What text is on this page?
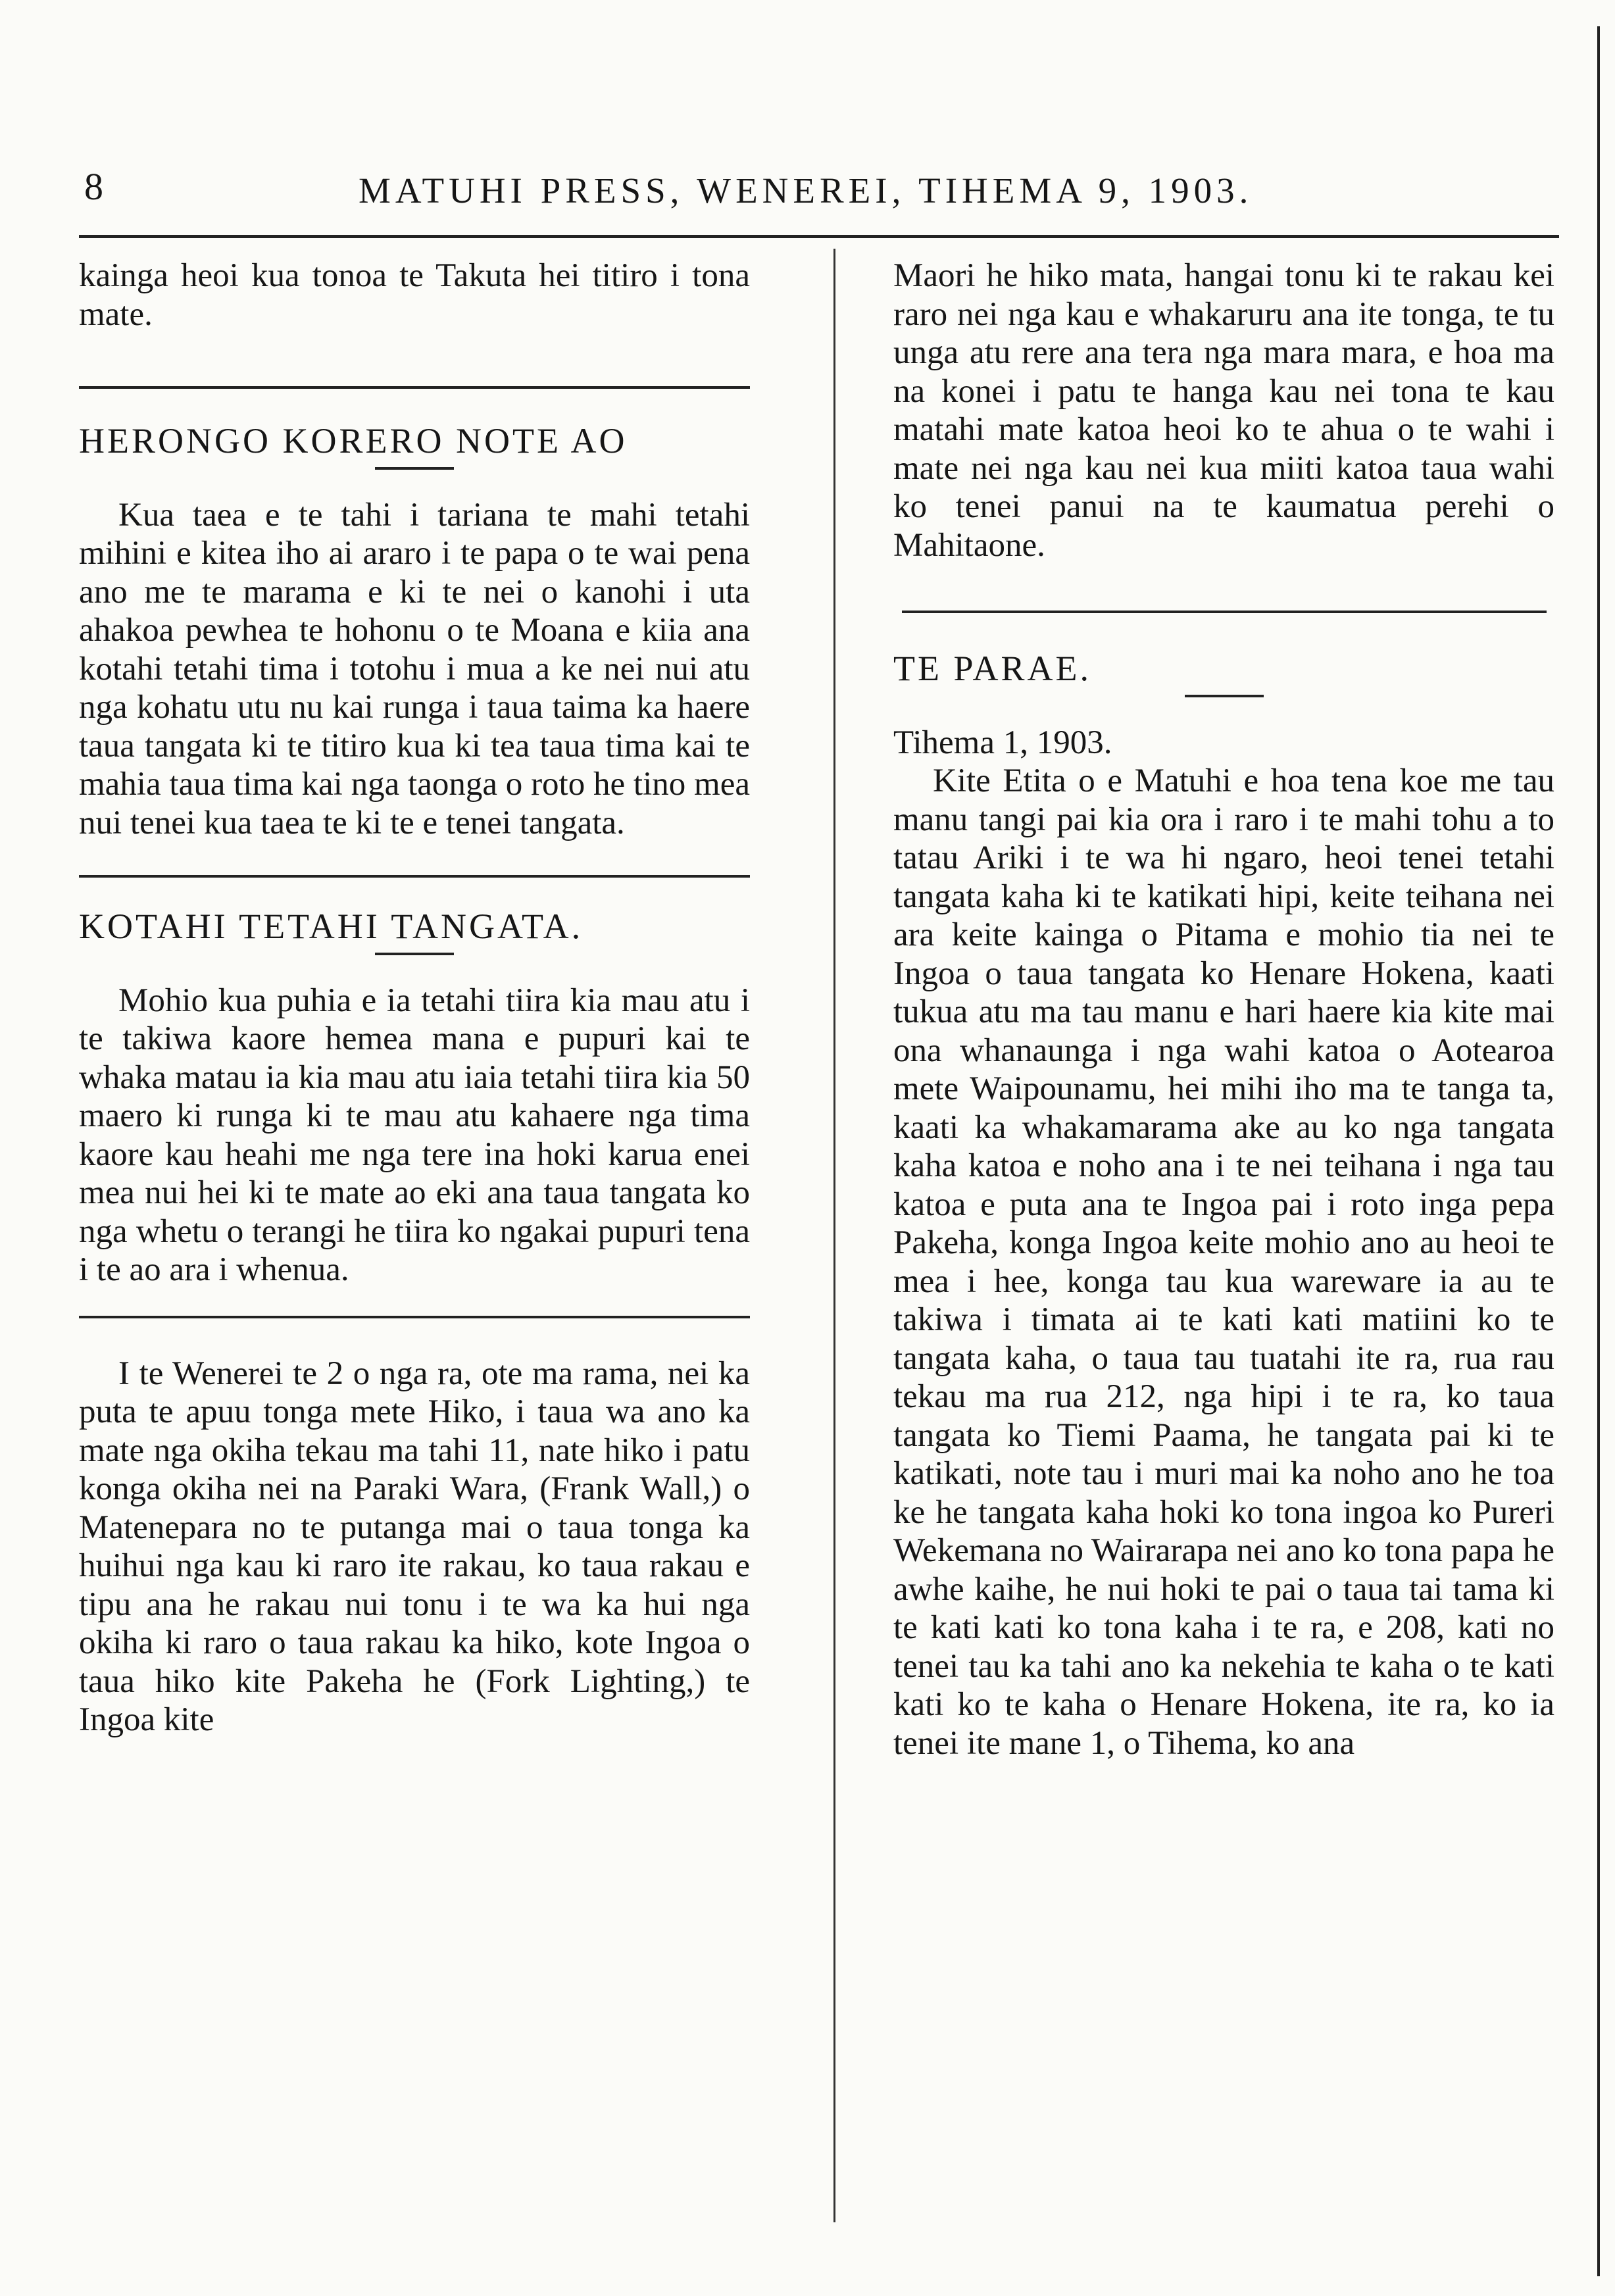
8	MATUHI PRESS, WENEREI, TIHEMA 9, 1903.

kainga heoi kua tonoa te Takuta hei titiro i tona mate.

HERONGO KORERO NOTE AO

Kua taea e te tahi i tariana te mahi tetahi mihini e kitea iho ai araro i te papa o te wai pena ano me te marama e ki te nei o kanohi i uta ahakoa pewhea te hohonu o te Moana e kiia ana kotahi tetahi tima i totohu i mua a ke nei nui atu nga kohatu utu nu kai runga i taua taima ka haere taua tangata ki te titiro kua ki tea taua tima kai te mahia taua tima kai nga taonga o roto he tino mea nui tenei kua taea te ki te e tenei tangata.

KOTAHI TETAHI TANGATA.

Mohio kua puhia e ia tetahi tiira kia mau atu i te takiwa kaore hemea mana e pupuri kai te whaka matau ia kia mau atu iaia tetahi tiira kia 50 maero ki runga ki te mau atu kahaere nga tima kaore kau heahi me nga tere ina hoki karua enei mea nui hei ki te mate ao eki ana taua tangata ko nga whetu o terangi he tiira ko ngakai pupuri tena i te ao ara i whenua.

I te Wenerei te 2 o nga ra, ote ma rama, nei ka puta te apuu tonga mete Hiko, i taua wa ano ka mate nga okiha tekau ma tahi 11, nate hiko i patu konga okiha nei na Paraki Wara, (Frank Wall,) o Matenepara no te putanga mai o taua tonga ka huihui nga kau ki raro ite rakau, ko taua rakau e tipu ana he rakau nui tonu i te wa ka hui nga okiha ki raro o taua rakau ka hiko, kote Ingoa o taua hiko kite Pakeha he (Fork Lighting,) te Ingoa kite

Maori he hiko mata, hangai tonu ki te rakau kei raro nei nga kau e whakaruru ana ite tonga, te tu unga atu rere ana tera nga mara mara, e hoa ma na konei i patu te hanga kau nei tona te kau matahi mate katoa heoi ko te ahua o te wahi i mate nei nga kau nei kua miiti katoa taua wahi ko tenei panui na te kaumatua perehi o Mahitaone.

TE PARAE.

Tihema 1, 1903.

Kite Etita o e Matuhi e hoa tena koe me tau manu tangi pai kia ora i raro i te mahi tohu a to tatau Ariki i te wa hi ngaro, heoi tenei tetahi tangata kaha ki te katikati hipi, keite teihana nei ara keite kainga o Pitama e mohio tia nei te Ingoa o taua tangata ko Henare Hokena, kaati tukua atu ma tau manu e hari haere kia kite mai ona whanaunga i nga wahi katoa o Aotearoa mete Waipounamu, hei mihi iho ma te tanga ta, kaati ka whakamarama ake au ko nga tangata kaha katoa e noho ana i te nei teihana i nga tau katoa e puta ana te Ingoa pai i roto inga pepa Pakeha, konga Ingoa keite mohio ano au heoi te mea i hee, konga tau kua wareware ia au te takiwa i timata ai te kati kati matiini ko te tangata kaha, o taua tau tuatahi ite ra, rua rau tekau ma rua 212, nga hipi i te ra, ko taua tangata ko Tiemi Paama, he tangata pai ki te katikati, note tau i muri mai ka noho ano he toa ke he tangata kaha hoki ko tona ingoa ko Pureri Wekemana no Wairarapa nei ano ko tona papa he awhe kaihe, he nui hoki te pai o taua tai tama ki te kati kati ko tona kaha i te ra, e 208, kati no tenei tau ka tahi ano ka nekehia te kaha o te kati kati ko te kaha o Henare Hokena, ite ra, ko ia tenei ite mane 1, o Tihema, ko ana
